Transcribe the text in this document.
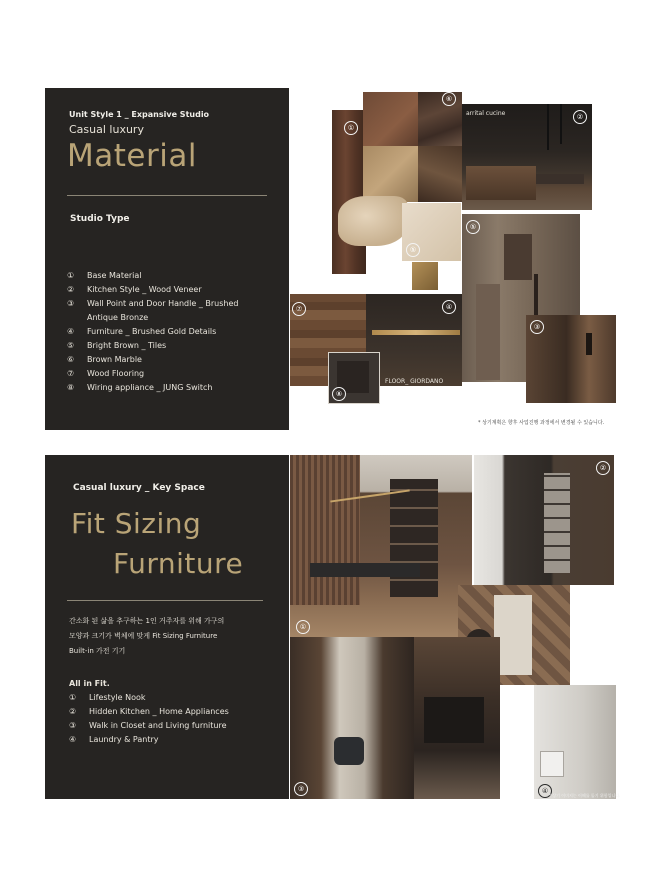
Unit Style 1 _ Expansive Studio
Casual luxury
Material
Studio Type
① Base Material
② Kitchen Style _ Wood Veneer
③ Wall Point and Door Handle _ Brushed
Antique Bronze
④ Furniture _ Brushed Gold Details
⑤ Bright Brown _ Tiles
⑥ Brown Marble
⑦ Wood Flooring
⑧ Wiring appliance _ JUNG Switch
①
⑥
⑤
arrital cucine	②
⑤
③
⑦	④
FLOOR_ GIORDANO
⑧
* 상기계획은 향후 사업진행 과정에서 변경될 수 있습니다.
Casual luxury _ Key Space
Fit Sizing
Furniture
간소화 된 삶을 추구하는 1인 거주자를 위해 가구의
모양과 크기가 벽체에 맞게 Fit Sizing Furniture
Built-in 가전 기기
All in Fit.
① Lifestyle Nook
② Hidden Kitchen _ Home Appliances
③ Walk in Closet and Living furniture
④ Laundry & Pantry
①
②
③	④
* 상기 이미지는 이해를 돕기 위함입니다.
